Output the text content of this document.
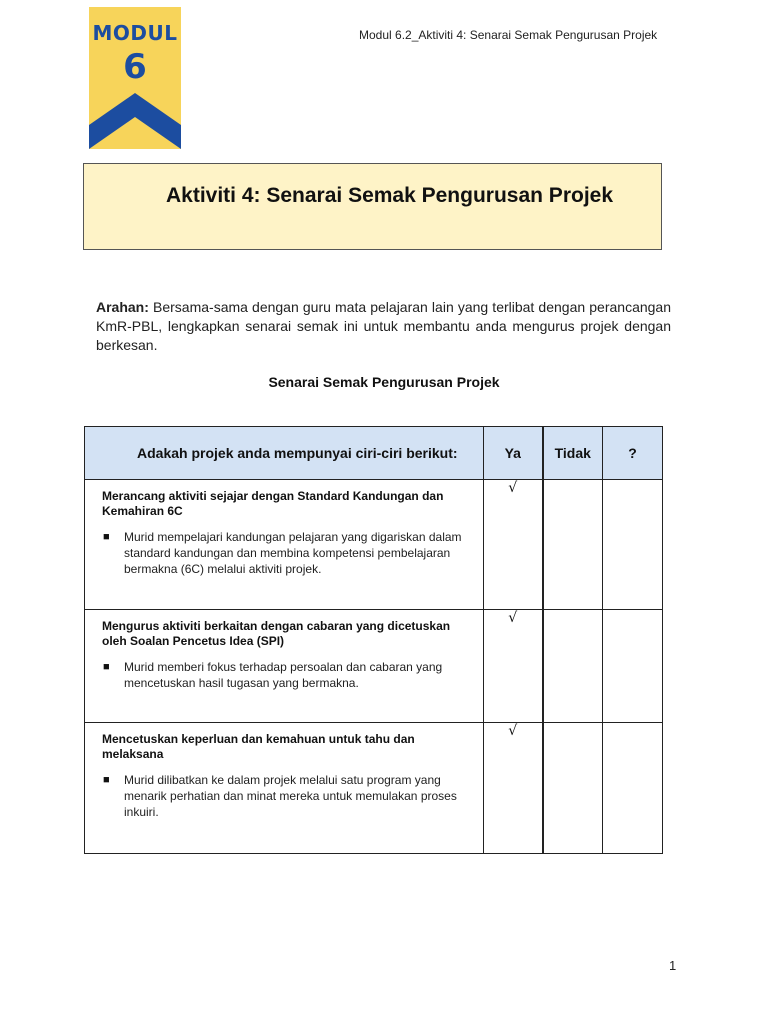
MODUL
6
Modul 6.2_Aktiviti 4: Senarai Semak Pengurusan Projek
Aktiviti 4: Senarai Semak Pengurusan Projek
Arahan: Bersama-sama dengan guru mata pelajaran lain yang terlibat dengan perancangan KmR-PBL, lengkapkan senarai semak ini untuk membantu anda mengurus projek dengan berkesan.
Senarai Semak Pengurusan Projek
Adakah projek anda mempunyai ciri-ciri berikut:	Ya	Tidak	?

Merancang aktiviti sejajar dengan Standard Kandungan dan Kemahiran 6C
■ Murid mempelajari kandungan pelajaran yang digariskan dalam standard kandungan dan membina kompetensi pembelajaran bermakna (6C) melalui aktiviti projek.	√		

Mengurus aktiviti berkaitan dengan cabaran yang dicetuskan oleh Soalan Pencetus Idea (SPI)
■ Murid memberi fokus terhadap persoalan dan cabaran yang mencetuskan hasil tugasan yang bermakna.	√		

Mencetuskan keperluan dan kemahuan untuk tahu dan melaksana
■ Murid dilibatkan ke dalam projek melalui satu program yang menarik perhatian dan minat mereka untuk memulakan proses inkuiri.	√		
1
